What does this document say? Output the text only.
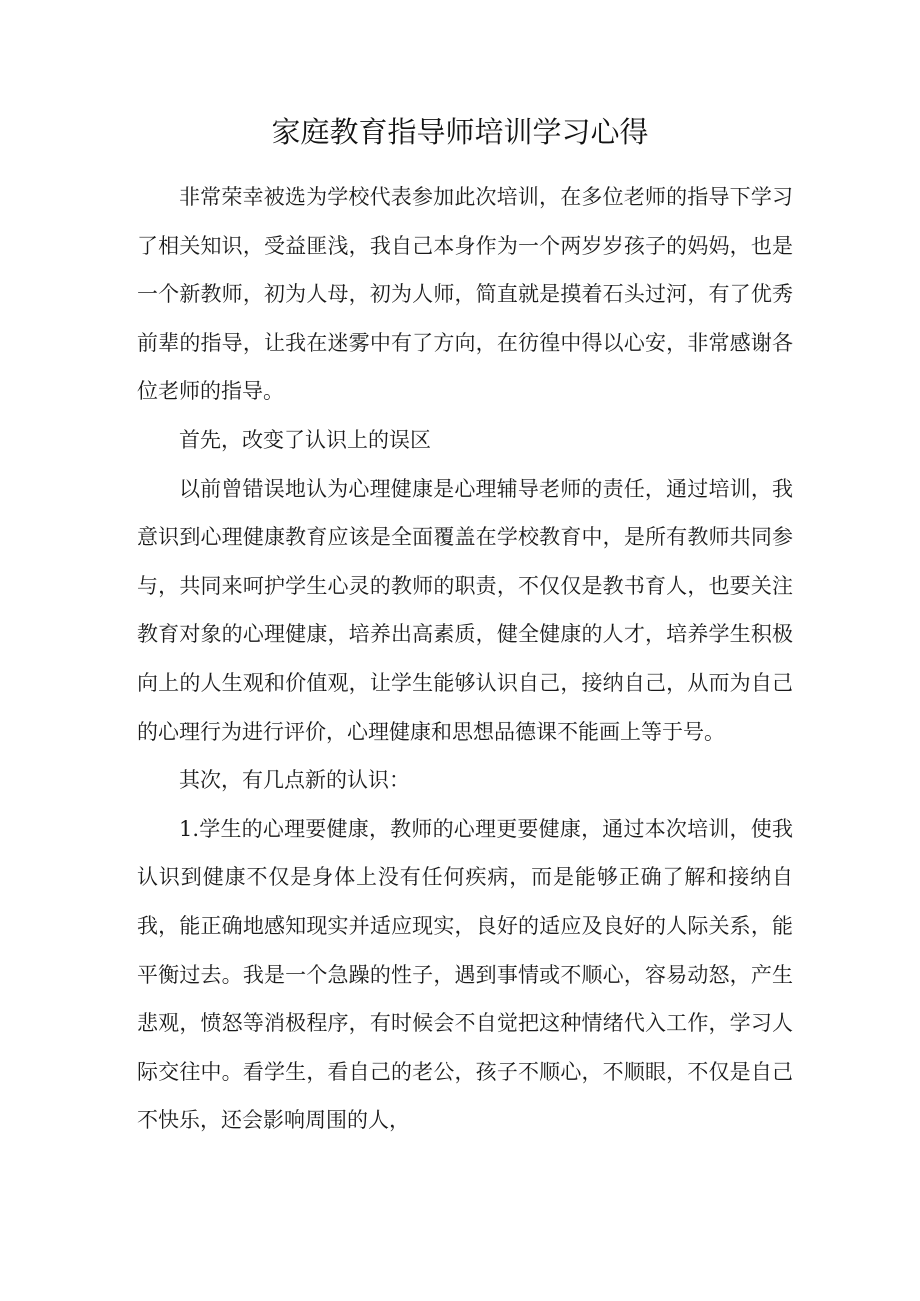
家庭教育指导师培训学习心得

非常荣幸被选为学校代表参加此次培训，在多位老师的指导下学习了相关知识，受益匪浅，我自己本身作为一个两岁岁孩子的妈妈，也是一个新教师，初为人母，初为人师，简直就是摸着石头过河，有了优秀前辈的指导，让我在迷雾中有了方向，在彷徨中得以心安，非常感谢各位老师的指导。

首先，改变了认识上的误区

以前曾错误地认为心理健康是心理辅导老师的责任，通过培训，我意识到心理健康教育应该是全面覆盖在学校教育中，是所有教师共同参与，共同来呵护学生心灵的教师的职责，不仅仅是教书育人，也要关注教育对象的心理健康，培养出高素质，健全健康的人才，培养学生积极向上的人生观和价值观，让学生能够认识自己，接纳自己，从而为自己的心理行为进行评价，心理健康和思想品德课不能画上等于号。

其次，有几点新的认识：

1.学生的心理要健康，教师的心理更要健康，通过本次培训，使我认识到健康不仅是身体上没有任何疾病，而是能够正确了解和接纳自我，能正确地感知现实并适应现实，良好的适应及良好的人际关系，能平衡过去。我是一个急躁的性子，遇到事情或不顺心，容易动怒，产生悲观，愤怒等消极程序，有时候会不自觉把这种情绪代入工作，学习人际交往中。看学生，看自己的老公，孩子不顺心，不顺眼，不仅是自己不快乐，还会影响周围的人，
